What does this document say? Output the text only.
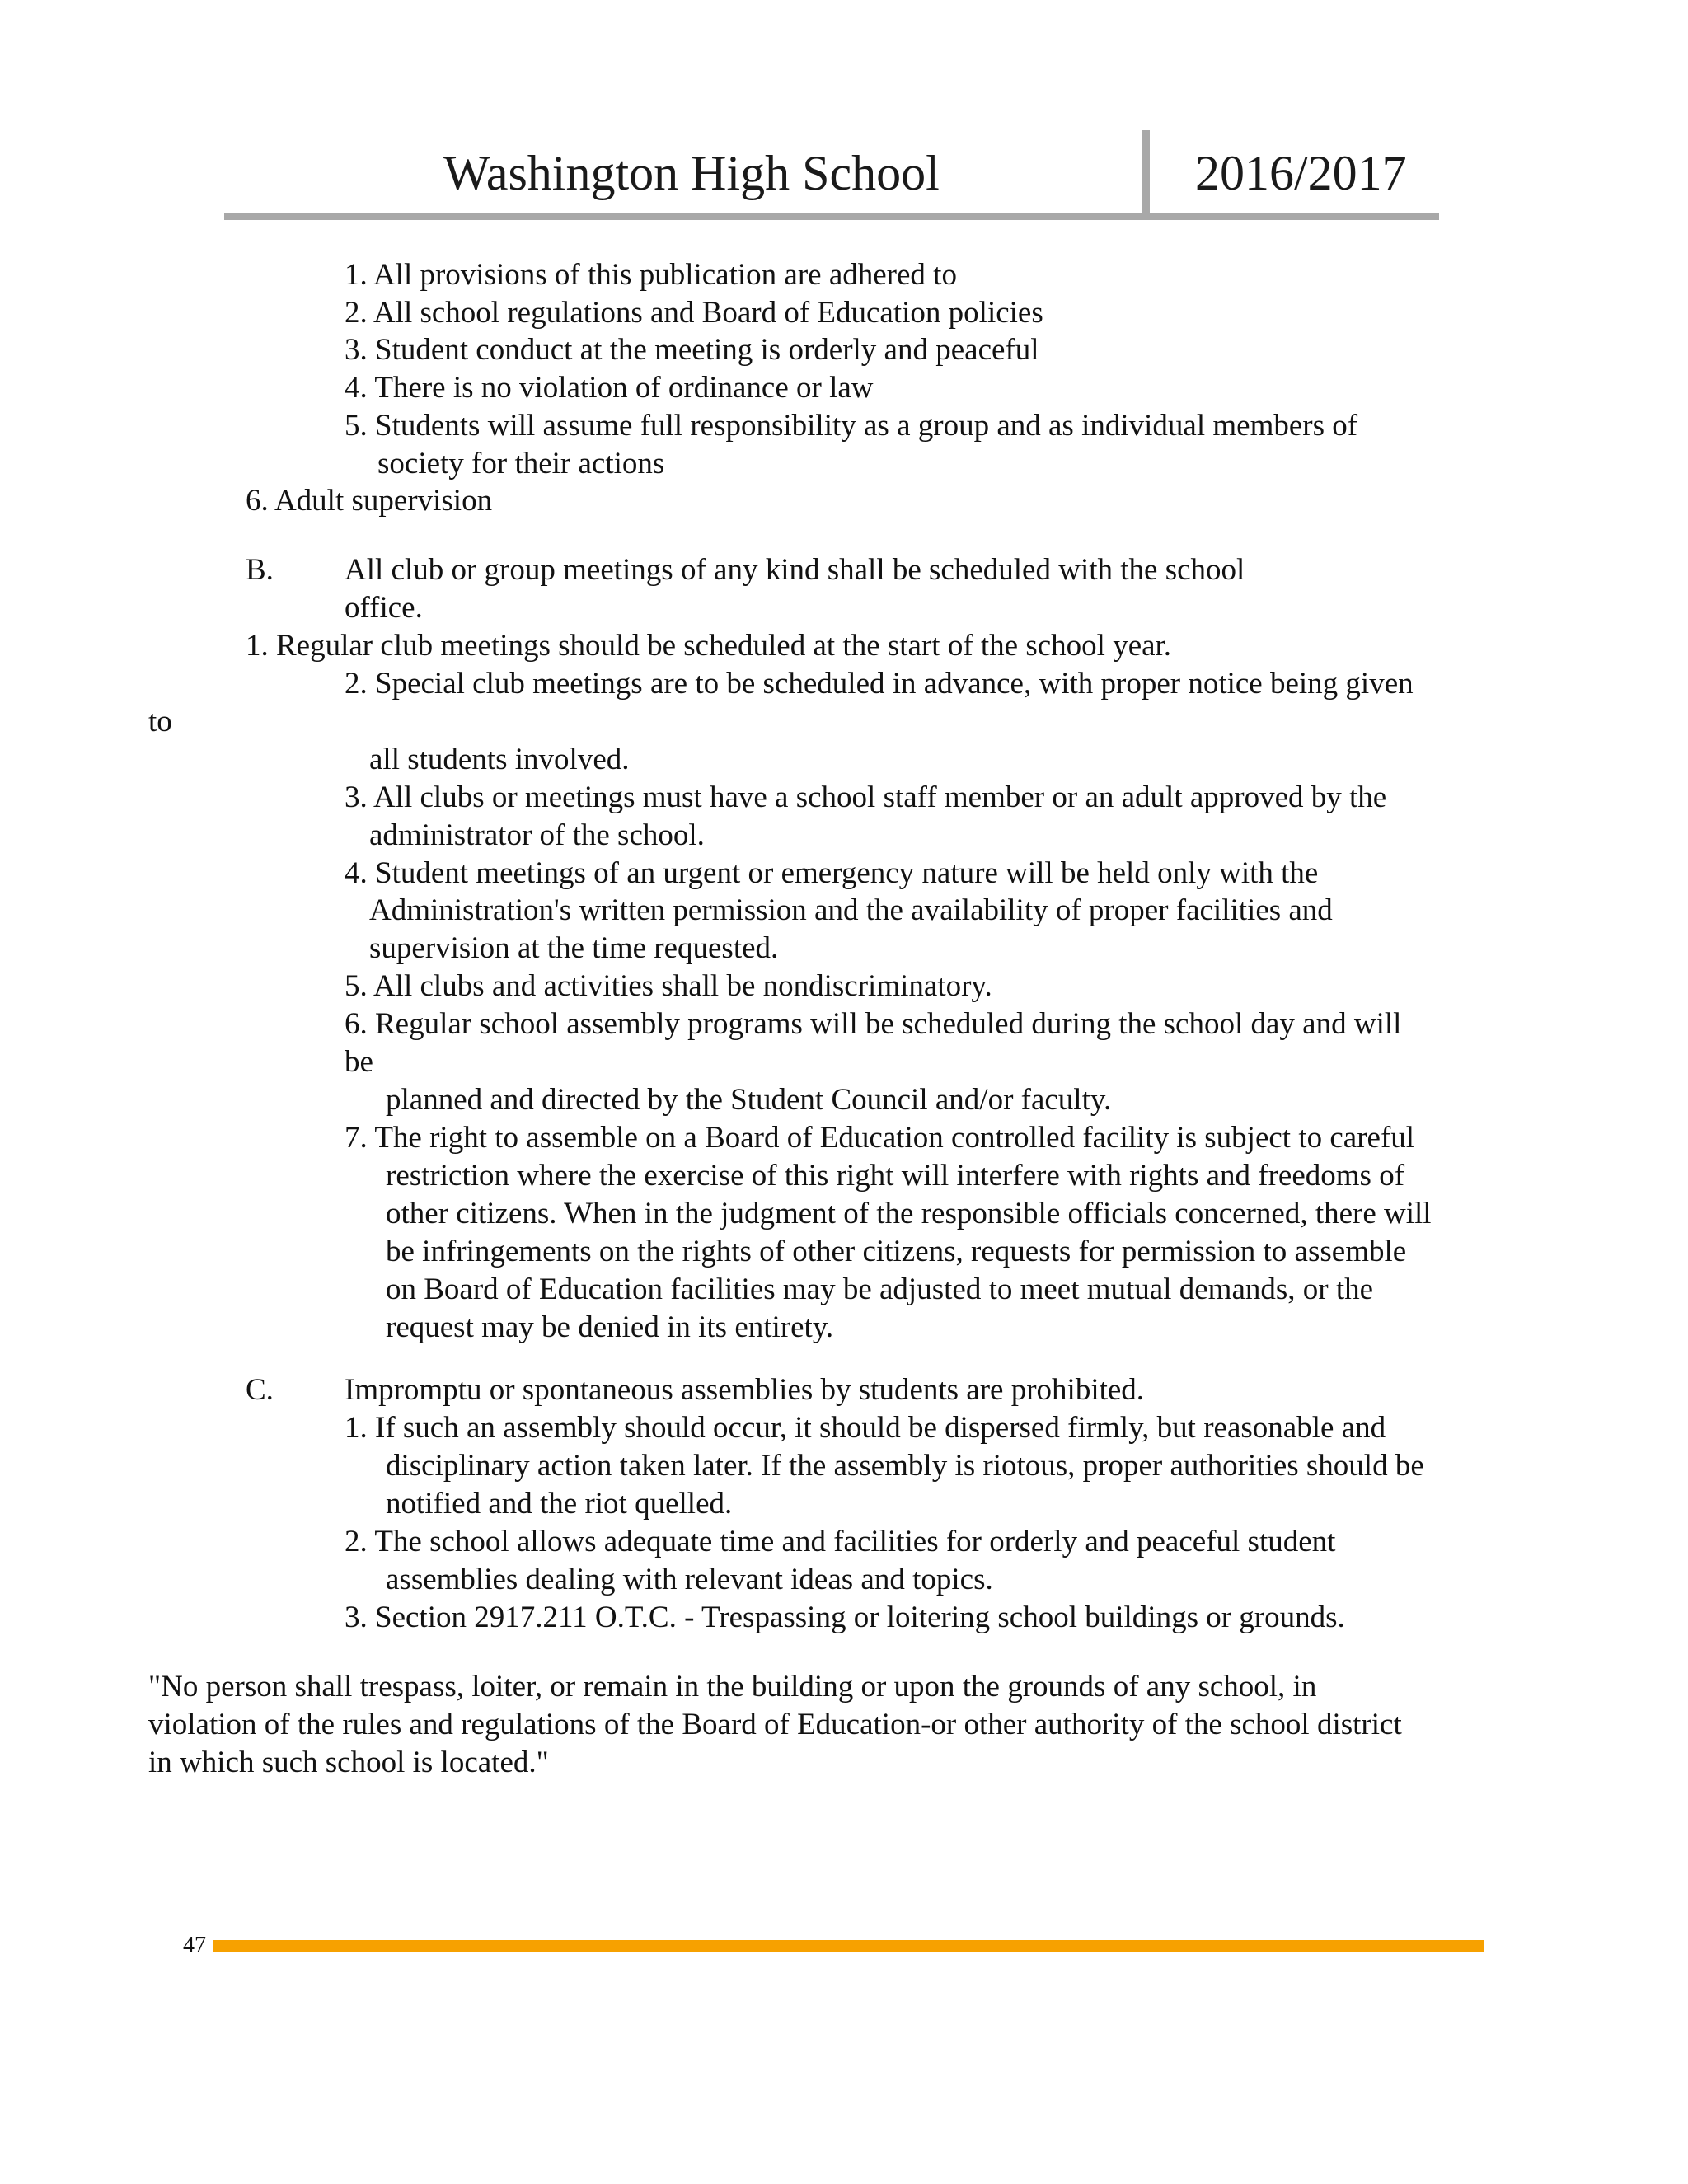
Washington High School	2016/2017
1. All provisions of this publication are adhered to
2. All school regulations and Board of Education policies
3. Student conduct at the meeting is orderly and peaceful
4. There is no violation of ordinance or law
5. Students will assume full responsibility as a group and as individual members of
society for their actions
6. Adult supervision
B. All club or group meetings of any kind shall be scheduled with the school
office.
1. Regular club meetings should be scheduled at the start of the school year.
2. Special club meetings are to be scheduled in advance, with proper notice being given
to
all students involved.
3. All clubs or meetings must have a school staff member or an adult approved by the
administrator of the school.
4. Student meetings of an urgent or emergency nature will be held only with the
Administration's written permission and the availability of proper facilities and
supervision at the time requested.
5. All clubs and activities shall be nondiscriminatory.
6. Regular school assembly programs will be scheduled during the school day and will
be
planned and directed by the Student Council and/or faculty.
7. The right to assemble on a Board of Education controlled facility is subject to careful
restriction where the exercise of this right will interfere with rights and freedoms of
other citizens. When in the judgment of the responsible officials concerned, there will
be infringements on the rights of other citizens, requests for permission to assemble
on Board of Education facilities may be adjusted to meet mutual demands, or the
request may be denied in its entirety.
C. Impromptu or spontaneous assemblies by students are prohibited.
1. If such an assembly should occur, it should be dispersed firmly, but reasonable and
disciplinary action taken later. If the assembly is riotous, proper authorities should be
notified and the riot quelled.
2. The school allows adequate time and facilities for orderly and peaceful student
assemblies dealing with relevant ideas and topics.
3. Section 2917.211 O.T.C. - Trespassing or loitering school buildings or grounds.
"No person shall trespass, loiter, or remain in the building or upon the grounds of any school, in
violation of the rules and regulations of the Board of Education-or other authority of the school district
in which such school is located."
47
